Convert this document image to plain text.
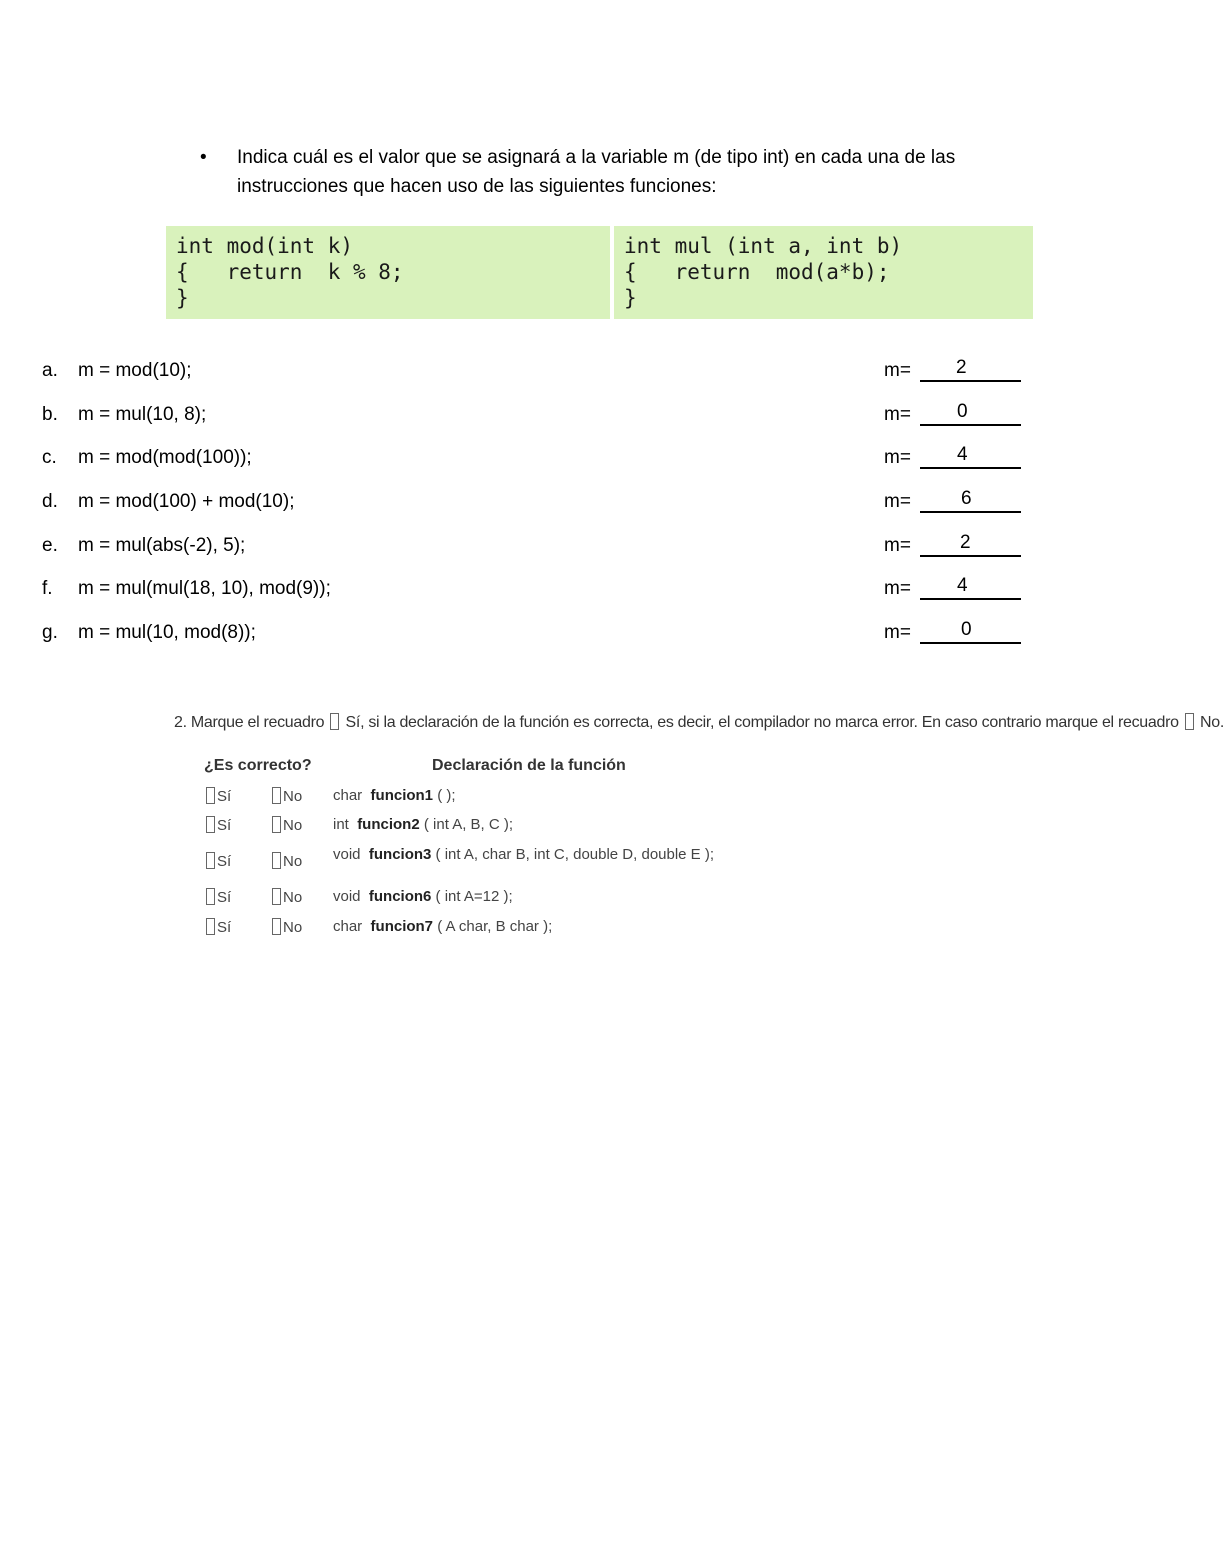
• Indica cuál es el valor que se asignará a la variable m (de tipo int) en cada una de las instrucciones que hacen uso de las siguientes funciones:
int mod(int k)
{   return  k % 8;
}
int mul (int a, int b)
{   return  mod(a*b);
}
a. m = mod(10);	m= 2
b. m = mul(10, 8);	m= 0
c. m = mod(mod(100));	m= 4
d. m = mod(100) + mod(10);	m=	6
e. m = mul(abs(-2), 5);	m=	2
f. m = mul(mul(18, 10), mod(9));	m= 4
g. m = mul(10, mod(8));	m=	0
2. Marque el recuadro Sí, si la declaración de la función es correcta, es decir, el compilador no marca error. En caso contrario marque el recuadro No.
¿Es correcto?	Declaración de la función
Sí	No char funcion1 ( );
Sí	No int funcion2 ( int A, B, C );
Sí	No void funcion3 ( int A, char B, int C, double D, double E );
Sí	No void funcion6 ( int A=12 );
Sí	No char funcion7 ( A char, B char );
